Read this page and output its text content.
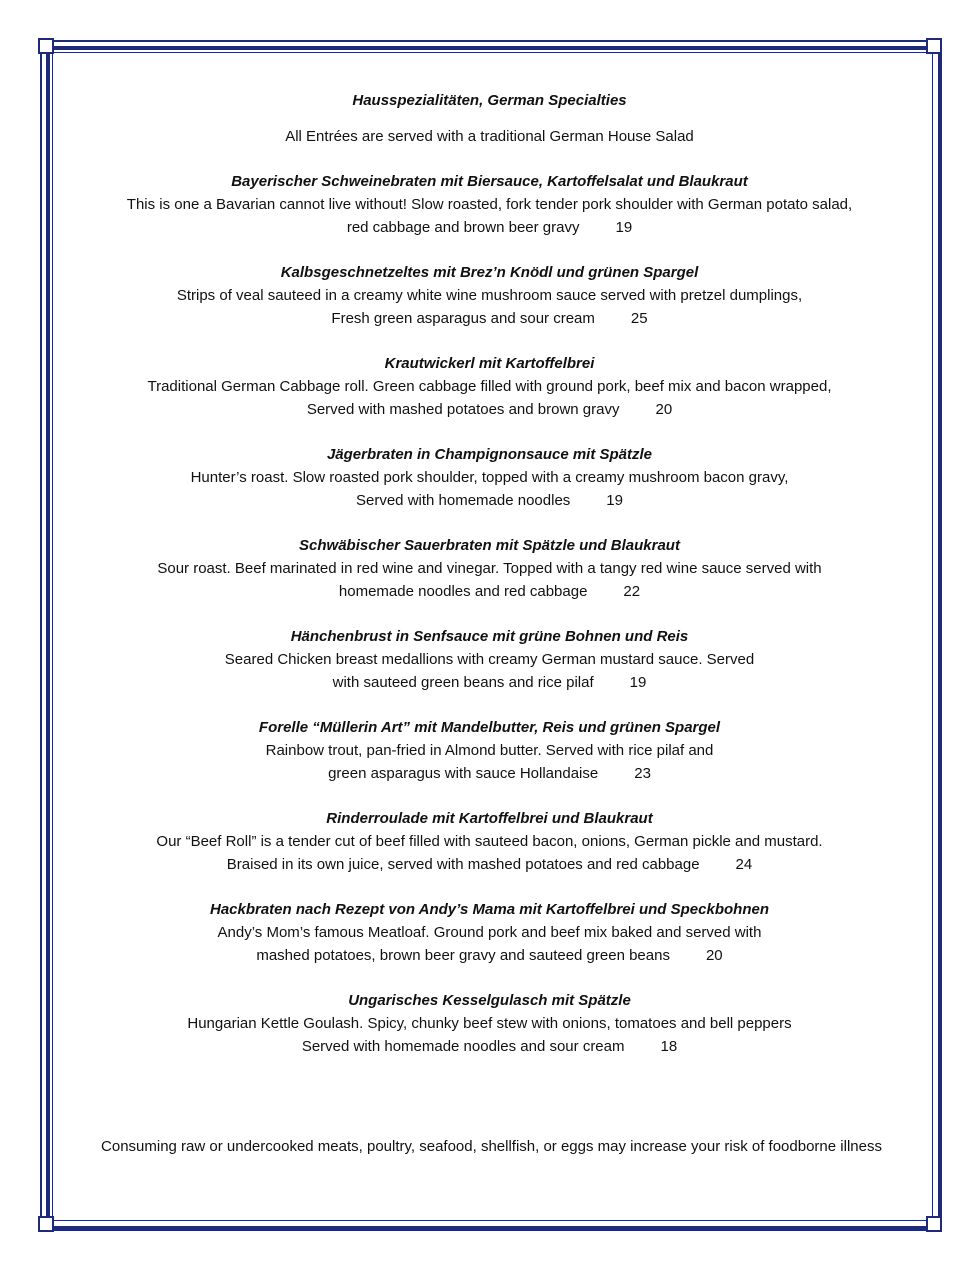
Hausspezialitäten, German Specialties
All Entrées are served with a traditional German House Salad
Bayerischer Schweinebraten mit Biersauce, Kartoffelsalat und Blaukraut
This is one a Bavarian cannot live without! Slow roasted, fork tender pork shoulder with German potato salad,
red cabbage and brown beer gravy 19
Kalbsgeschnetzeltes mit Brez’n Knödl und grünen Spargel
Strips of veal sauteed in a creamy white wine mushroom sauce served with pretzel dumplings,
Fresh green asparagus and sour cream 25
Krautwickerl mit Kartoffelbrei
Traditional German Cabbage roll. Green cabbage filled with ground pork, beef mix and bacon wrapped,
Served with mashed potatoes and brown gravy 20
Jägerbraten in Champignonsauce mit Spätzle
Hunter’s roast. Slow roasted pork shoulder, topped with a creamy mushroom bacon gravy,
Served with homemade noodles 19
Schwäbischer Sauerbraten mit Spätzle und Blaukraut
Sour roast. Beef marinated in red wine and vinegar. Topped with a tangy red wine sauce served with
homemade noodles and red cabbage 22
Hänchenbrust in Senfsauce mit grüne Bohnen und Reis
Seared Chicken breast medallions with creamy German mustard sauce. Served
with sauteed green beans and rice pilaf 19
Forelle “Müllerin Art” mit Mandelbutter, Reis und grünen Spargel
Rainbow trout, pan-fried in Almond butter. Served with rice pilaf and
green asparagus with sauce Hollandaise 23
Rinderroulade mit Kartoffelbrei und Blaukraut
Our “Beef Roll” is a tender cut of beef filled with sauteed bacon, onions, German pickle and mustard.
Braised in its own juice, served with mashed potatoes and red cabbage 24
Hackbraten nach Rezept von Andy’s Mama mit Kartoffelbrei und Speckbohnen
Andy’s Mom’s famous Meatloaf. Ground pork and beef mix baked and served with
mashed potatoes, brown beer gravy and sauteed green beans 20
Ungarisches Kesselgulasch mit Spätzle
Hungarian Kettle Goulash. Spicy, chunky beef stew with onions, tomatoes and bell peppers
Served with homemade noodles and sour cream 18
Consuming raw or undercooked meats, poultry, seafood, shellfish, or eggs may increase your risk of foodborne illness
